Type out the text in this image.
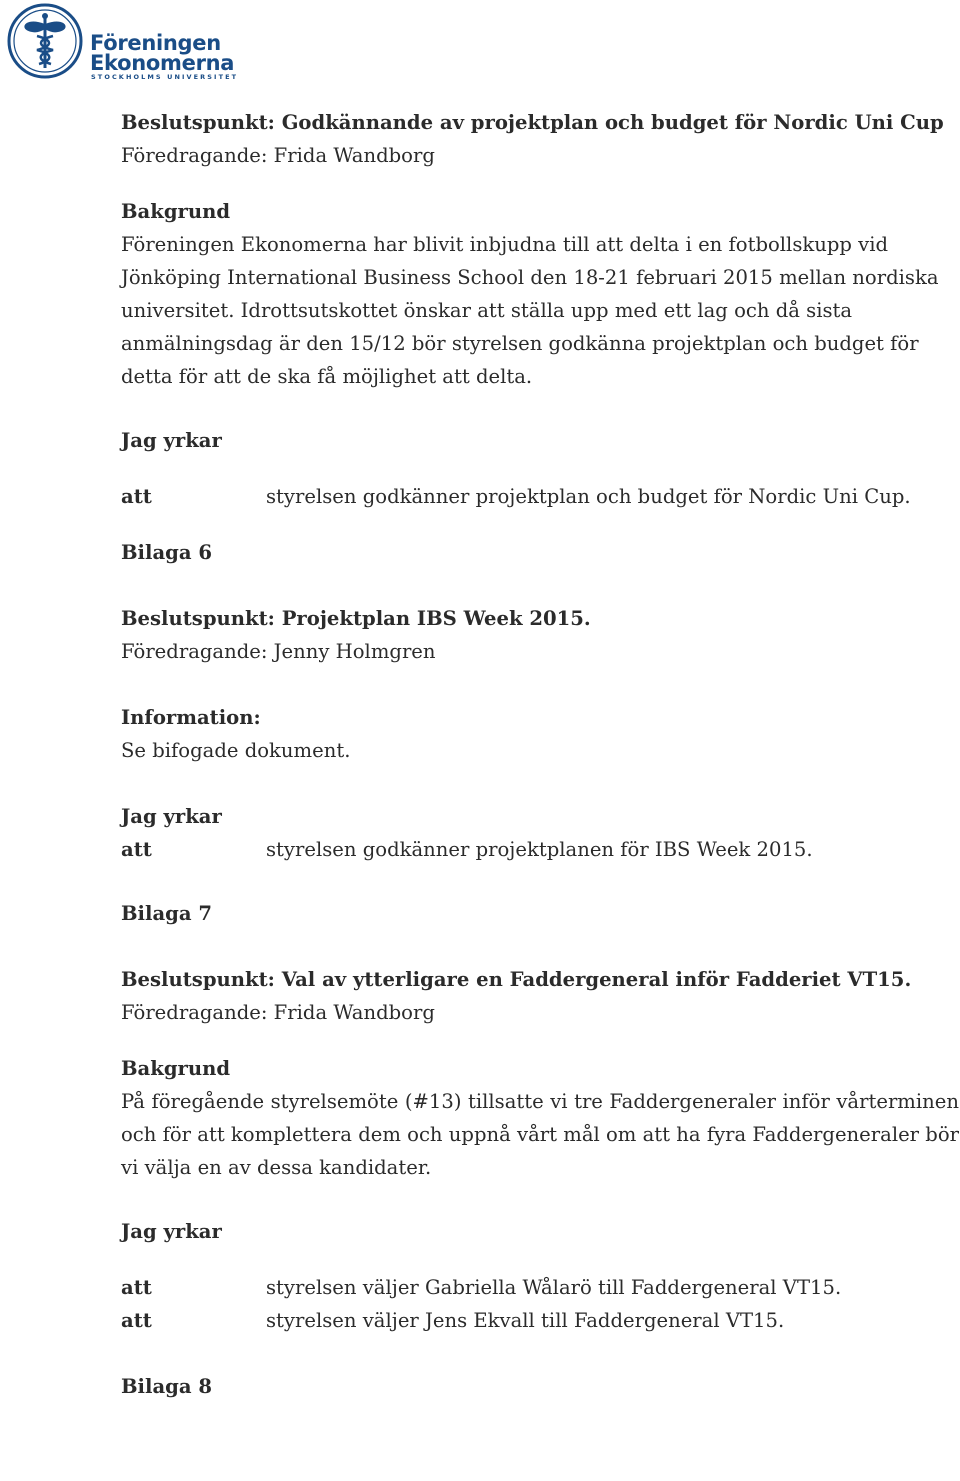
Föreningen
Ekonomerna
STOCKHOLMS UNIVERSITET

Beslutspunkt: Godkännande av projektplan och budget för Nordic Uni Cup

Föredragande: Frida Wandborg

Bakgrund

Föreningen Ekonomerna har blivit inbjudna till att delta i en fotbollskupp vid Jönköping International Business School den 18-21 februari 2015 mellan nordiska universitet. Idrottsutskottet önskar att ställa upp med ett lag och då sista anmälningsdag är den 15/12 bör styrelsen godkänna projektplan och budget för detta för att de ska få möjlighet att delta.

Jag yrkar

att	styrelsen godkänner projektplan och budget för Nordic Uni Cup.

Bilaga 6

Beslutspunkt: Projektplan IBS Week 2015.

Föredragande: Jenny Holmgren

Information:

Se bifogade dokument.

Jag yrkar

att	styrelsen godkänner projektplanen för IBS Week 2015.

Bilaga 7

Beslutspunkt: Val av ytterligare en Faddergeneral inför Fadderiet VT15.

Föredragande: Frida Wandborg

Bakgrund

På föregående styrelsemöte (#13) tillsatte vi tre Faddergeneraler inför vårterminen och för att komplettera dem och uppnå vårt mål om att ha fyra Faddergeneraler bör vi välja en av dessa kandidater.

Jag yrkar

att	styrelsen väljer Gabriella Wålarö till Faddergeneral VT15.
att	styrelsen väljer Jens Ekvall till Faddergeneral VT15.

Bilaga 8
